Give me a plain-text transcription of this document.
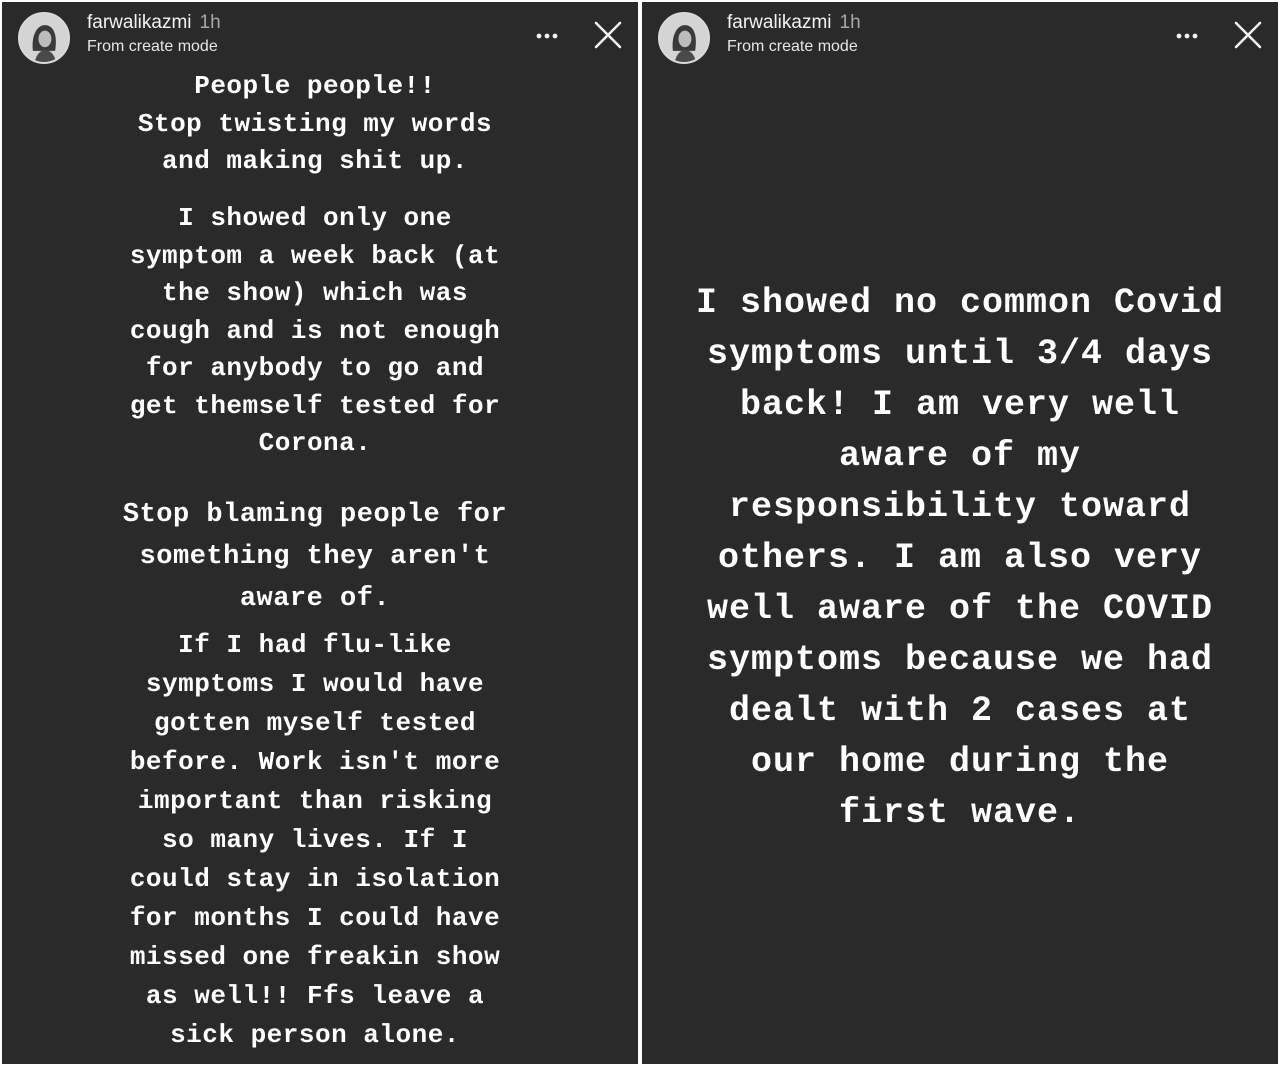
farwalikazmi 1h
From create mode

People people!!
Stop twisting my words
and making shit up.

I showed only one
symptom a week back (at
the show) which was
cough and is not enough
for anybody to go and
get themself tested for
Corona.

Stop blaming people for
something they aren't
aware of.

If I had flu-like
symptoms I would have
gotten myself tested
before. Work isn't more
important than risking
so many lives. If I
could stay in isolation
for months I could have
missed one freakin show
as well!! Ffs leave a
sick person alone.

farwalikazmi 1h
From create mode

I showed no common Covid
symptoms until 3/4 days
back! I am very well
aware of my
responsibility toward
others. I am also very
well aware of the COVID
symptoms because we had
dealt with 2 cases at
our home during the
first wave.
